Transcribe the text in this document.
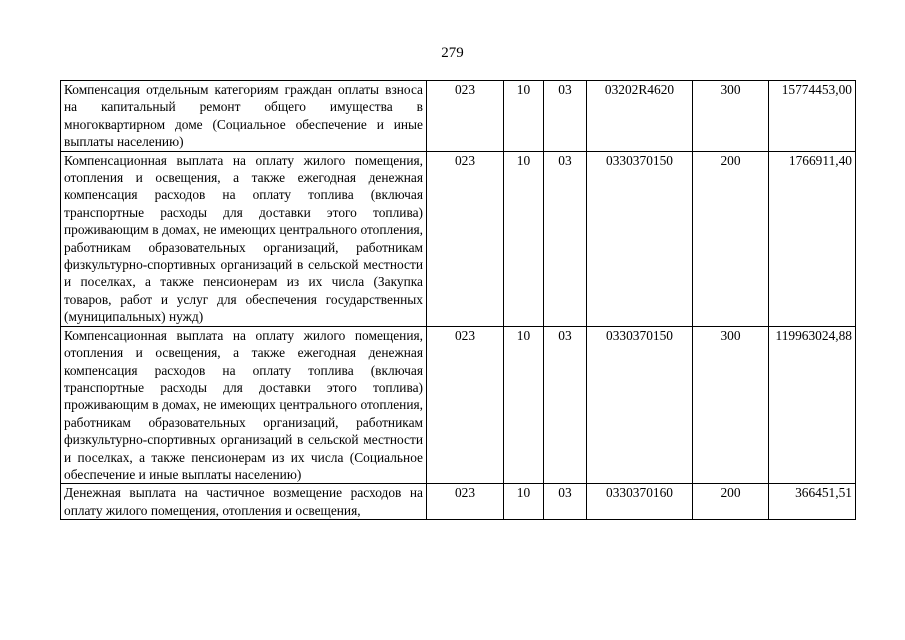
279
Компенсация отдельным категориям граждан оплаты взноса на капитальный ремонт общего имущества в многоквартирном доме (Социальное обеспечение и иные выплаты населению)	023	10	03	03202R4620	300	15774453,00
Компенсационная выплата на оплату жилого помещения, отопления и освещения, а также ежегодная денежная компенсация расходов на оплату топлива (включая транспортные расходы для доставки этого топлива) проживающим в домах, не имеющих центрального отопления, работникам образовательных организаций, работникам физкультурно-спортивных организаций в сельской местности и поселках, а также пенсионерам из их числа (Закупка товаров, работ и услуг для обеспечения государственных (муниципальных) нужд)	023	10	03	0330370150	200	1766911,40
Компенсационная выплата на оплату жилого помещения, отопления и освещения, а также ежегодная денежная компенсация расходов на оплату топлива (включая транспортные расходы для доставки этого топлива) проживающим в домах, не имеющих центрального отопления, работникам образовательных организаций, работникам физкультурно-спортивных организаций в сельской местности и поселках, а также пенсионерам из их числа (Социальное обеспечение и иные выплаты населению)	023	10	03	0330370150	300	119963024,88
Денежная выплата на частичное возмещение расходов на оплату жилого помещения, отопления и освещения,	023	10	03	0330370160	200	366451,51
